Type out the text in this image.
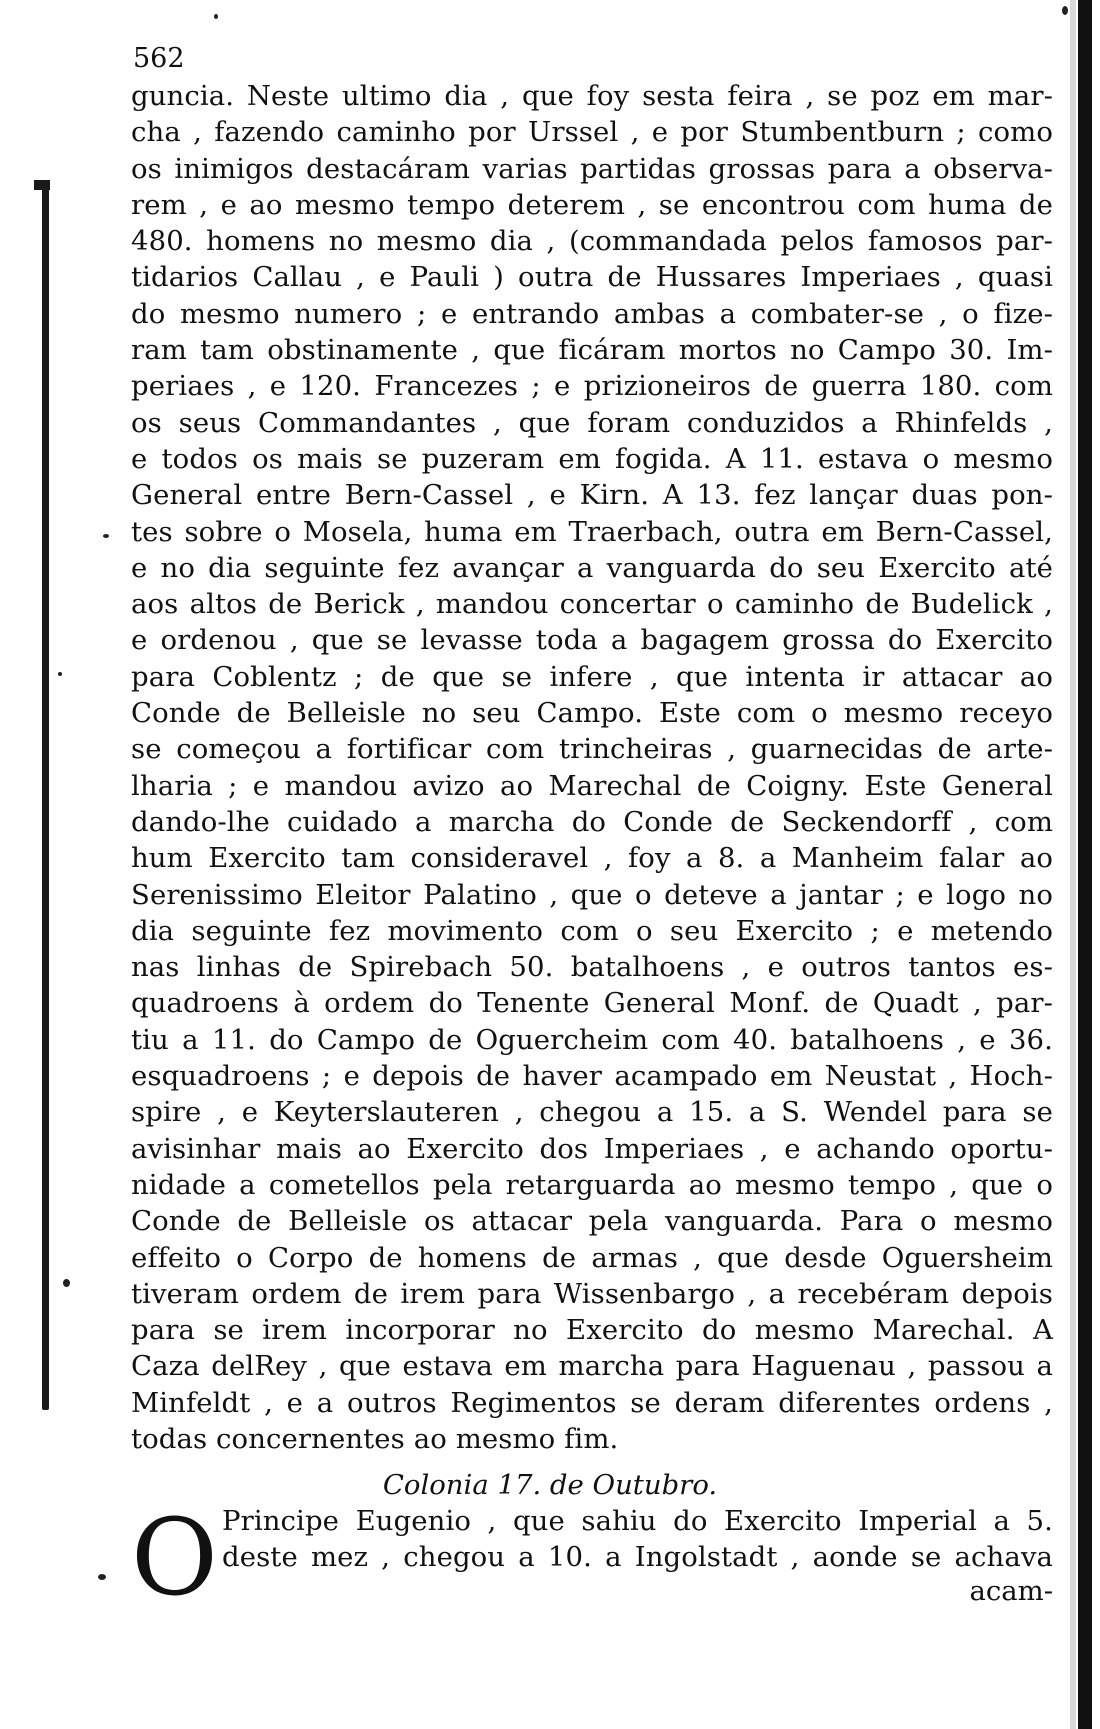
562
guncia. Neste ultimo dia , que foy sesta feira , se poz em mar-
cha , fazendo caminho por Urssel , e por Stumbentburn ; como
os inimigos destacáram varias partidas grossas para a observa-
rem , e ao mesmo tempo deterem , se encontrou com huma de
480. homens no mesmo dia , (commandada pelos famosos par-
tidarios Callau , e Pauli ) outra de Hussares Imperiaes , quasi
do mesmo numero ; e entrando ambas a combater-se , o fize-
ram tam obstinamente , que ficáram mortos no Campo 30. Im-
periaes , e 120. Francezes ; e prizioneiros de guerra 180. com
os seus Commandantes , que foram conduzidos a Rhinfelds ,
e todos os mais se puzeram em fogida. A 11. estava o mesmo
General entre Bern-Cassel , e Kirn. A 13. fez lançar duas pon-
tes sobre o Mosela, huma em Traerbach, outra em Bern-Cassel,
e no dia seguinte fez avançar a vanguarda do seu Exercito até
aos altos de Berick , mandou concertar o caminho de Budelick ,
e ordenou , que se levasse toda a bagagem grossa do Exercito
para Coblentz ; de que se infere , que intenta ir attacar ao
Conde de Belleisle no seu Campo. Este com o mesmo receyo
se começou a fortificar com trincheiras , guarnecidas de arte-
lharia ; e mandou avizo ao Marechal de Coigny. Este General
dando-lhe cuidado a marcha do Conde de Seckendorff , com
hum Exercito tam consideravel , foy a 8. a Manheim falar ao
Serenissimo Eleitor Palatino , que o deteve a jantar ; e logo no
dia seguinte fez movimento com o seu Exercito ; e metendo
nas linhas de Spirebach 50. batalhoens , e outros tantos es-
quadroens à ordem do Tenente General Monf. de Quadt , par-
tiu a 11. do Campo de Oguercheim com 40. batalhoens , e 36.
esquadroens ; e depois de haver acampado em Neustat , Hoch-
spire , e Keyterslauteren , chegou a 15. a S. Wendel para se
avisinhar mais ao Exercito dos Imperiaes , e achando oportu-
nidade a cometellos pela retarguarda ao mesmo tempo , que o
Conde de Belleisle os attacar pela vanguarda. Para o mesmo
effeito o Corpo de homens de armas , que desde Oguersheim
tiveram ordem de irem para Wissenbargo , a recebéram depois
para se irem incorporar no Exercito do mesmo Marechal. A
Caza delRey , que estava em marcha para Haguenau , passou a
Minfeldt , e a outros Regimentos se deram diferentes ordens ,
todas concernentes ao mesmo fim.
Colonia 17. de Outubro.
O Principe Eugenio , que sahiu do Exercito Imperial a 5.
deste mez , chegou a 10. a Ingolstadt , aonde se achava
acam-
